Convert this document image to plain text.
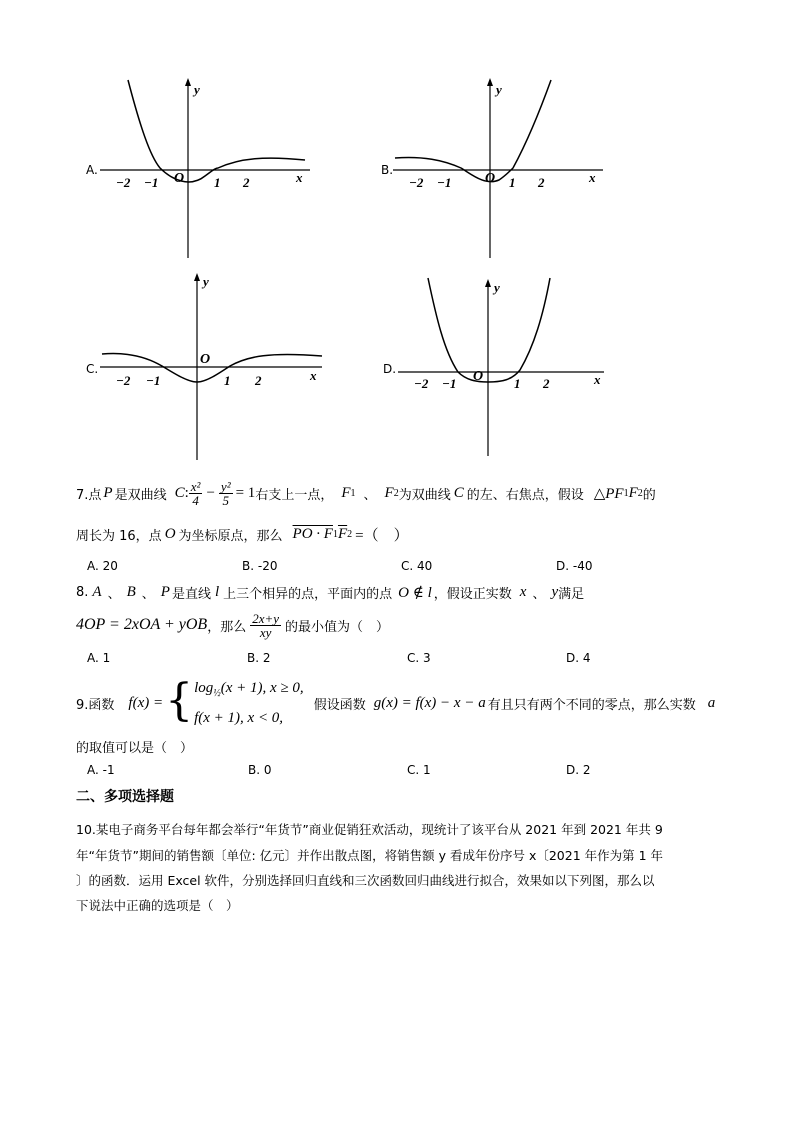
A.
y
x
O
−2 −1	1 2
B.
y
x
O
−2 −1	1 2
C.
y
x
O
−2 −1	1 2
D.
y
x
O
−2 −1	1 2
7.点 P 是双曲线 C : $\frac{\text{x²}}{4} - \frac{\text{y²}}{5} = 1$ 右支上一点， F 1 、 F 2 为双曲线 C 的左、右焦点，假设 △PF 1 F 2 的
周长为 16，点 O 为坐标原点，那么 PO · F 1 $\overline{F}$ 2 =（　）
A. 20	B. -20	C. 40	D. -40
8. A 、 B 、 P 是直线 l 上三个相异的点，平面内的点 O ∉ l ，假设正实数 x 、 y 满足
4OP = 2xOA + yOB ，那么 $\frac{2x+y}{xy}$ 的最小值为（　）
A. 1	B. 2	C. 3	D. 4
9.函数 f(x) = { $\log_{\frac{1}{2}}(x + 1)$, x ≥ 0,
f(x + 1), x < 0,
假设函数 g(x) = f(x) − x − a 有且只有两个不同的零点，那么实数 a
的取值可以是（　）
A. -1	B. 0	C. 1	D. 2
二、多项选择题
10.某电子商务平台每年都会举行“年货节”商业促销狂欢活动，现统计了该平台从 2021 年到 2021 年共 9
年“年货节”期间的销售额〔单位: 亿元〕并作出散点图，将销售额 y 看成年份序号 x〔2021 年作为第 1 年
〕的函数．运用 Excel 软件，分别选择回归直线和三次函数回归曲线进行拟合，效果如以下列图，那么以
下说法中正确的选项是（　）
